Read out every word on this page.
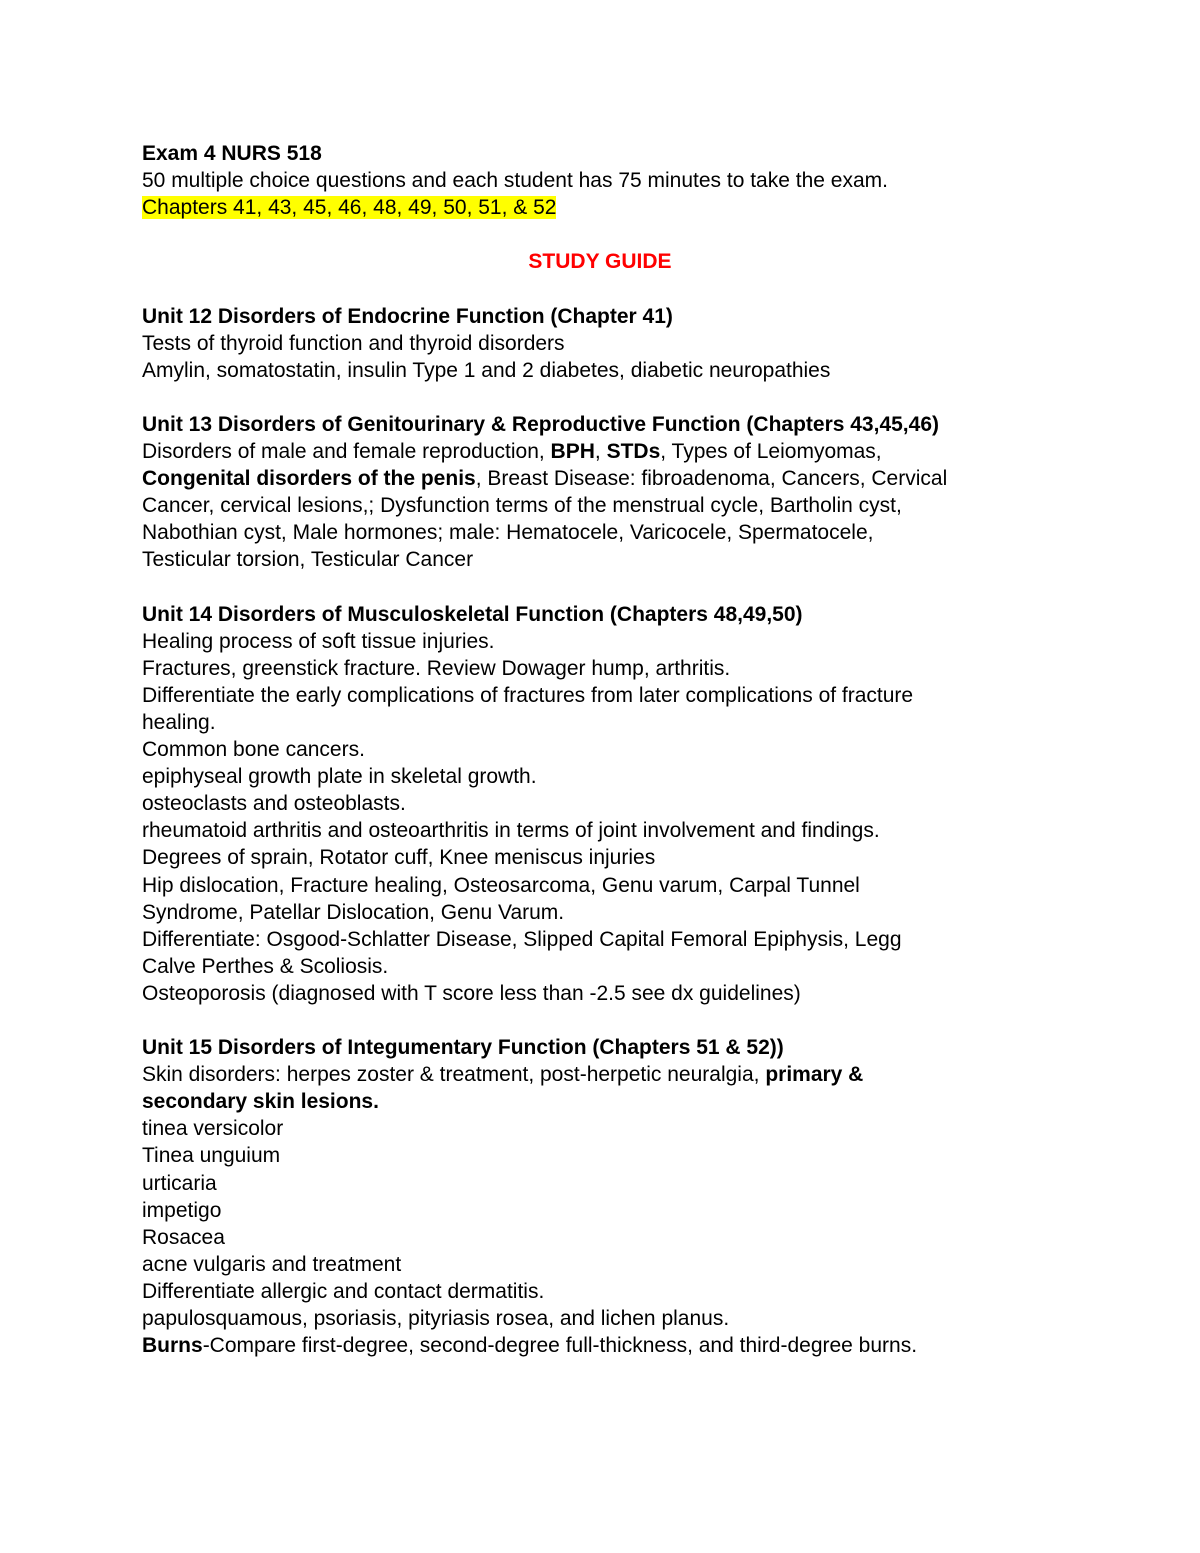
Exam 4 NURS 518
50 multiple choice questions and each student has 75 minutes to take the exam.
Chapters 41, 43, 45, 46, 48, 49, 50, 51, & 52
STUDY GUIDE
Unit 12 Disorders of Endocrine Function (Chapter 41)
Tests of thyroid function and thyroid disorders
Amylin, somatostatin, insulin Type 1 and 2 diabetes, diabetic neuropathies
Unit 13 Disorders of Genitourinary & Reproductive Function (Chapters 43,45,46)
Disorders of male and female reproduction, BPH, STDs, Types of Leiomyomas,
Congenital disorders of the penis, Breast Disease: fibroadenoma, Cancers, Cervical
Cancer, cervical lesions,; Dysfunction terms of the menstrual cycle, Bartholin cyst,
Nabothian cyst, Male hormones; male: Hematocele, Varicocele, Spermatocele,
Testicular torsion, Testicular Cancer
Unit 14 Disorders of Musculoskeletal Function (Chapters 48,49,50)
Healing process of soft tissue injuries.
Fractures, greenstick fracture. Review Dowager hump, arthritis.
Differentiate the early complications of fractures from later complications of fracture
healing.
Common bone cancers.
epiphyseal growth plate in skeletal growth.
osteoclasts and osteoblasts.
rheumatoid arthritis and osteoarthritis in terms of joint involvement and findings.
Degrees of sprain, Rotator cuff, Knee meniscus injuries
Hip dislocation, Fracture healing, Osteosarcoma, Genu varum, Carpal Tunnel
Syndrome, Patellar Dislocation, Genu Varum.
Differentiate: Osgood-Schlatter Disease, Slipped Capital Femoral Epiphysis, Legg
Calve Perthes & Scoliosis.
Osteoporosis (diagnosed with T score less than -2.5 see dx guidelines)
Unit 15 Disorders of Integumentary Function (Chapters 51 & 52))
Skin disorders: herpes zoster & treatment, post-herpetic neuralgia, primary &
secondary skin lesions.
tinea versicolor
Tinea unguium
urticaria
impetigo
Rosacea
acne vulgaris and treatment
Differentiate allergic and contact dermatitis.
papulosquamous, psoriasis, pityriasis rosea, and lichen planus.
Burns-Compare first-degree, second-degree full-thickness, and third-degree burns.
